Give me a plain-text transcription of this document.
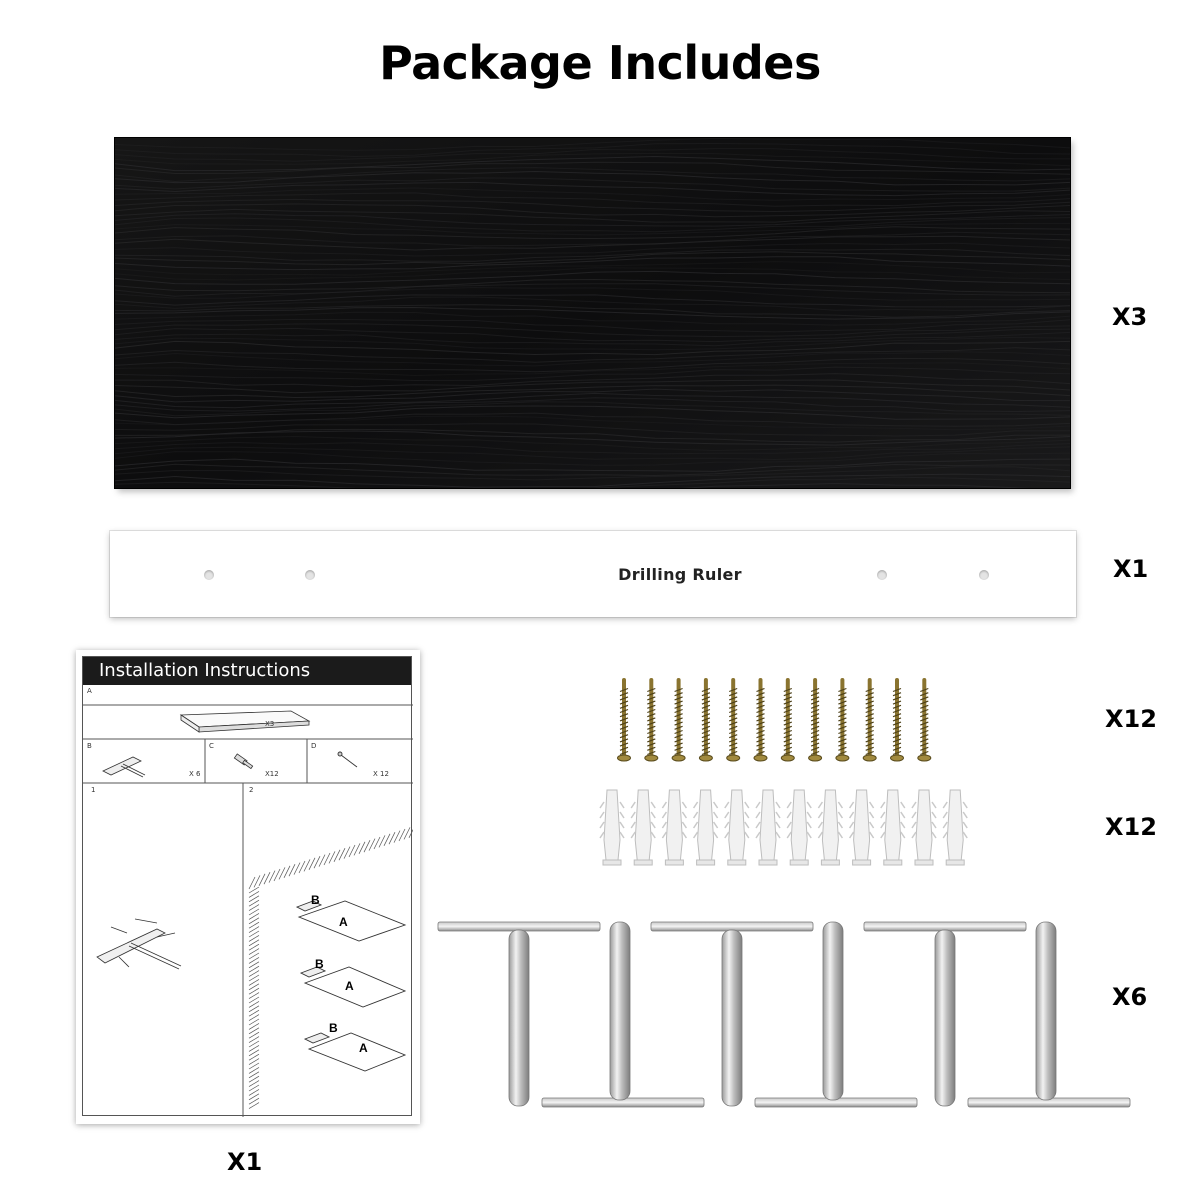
Package Includes
X3
Drilling Ruler	X1
Installation Instructions
A
X3
B
X 6
C
X12
D
X 12
1	2
B
A
B
A
B
A
X1
X12
X12
X6
